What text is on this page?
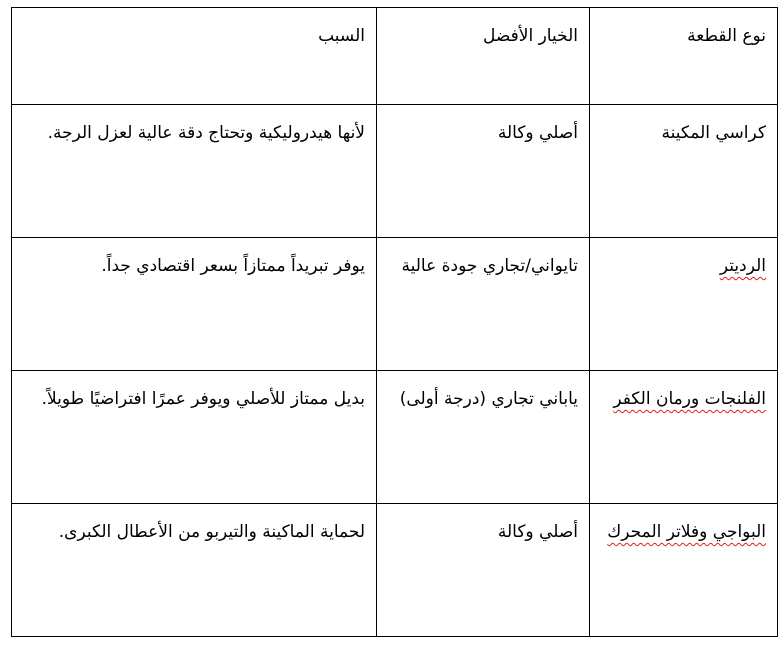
نوع القطعة	الخيار الأفضل	السبب
كراسي المكينة	أصلي وكالة	لأنها هيدروليكية وتحتاج دقة عالية لعزل الرجة.
الرديتر	تايواني/تجاري جودة عالية	يوفر تبريداً ممتازاً بسعر اقتصادي جداً.
الفلنجات ورمان الكفر	ياباني تجاري (درجة أولى)	بديل ممتاز للأصلي ويوفر عمرًا افتراضيًا طويلاً.
البواجي وفلاتر المحرك	أصلي وكالة	لحماية الماكينة والتيربو من الأعطال الكبرى.
